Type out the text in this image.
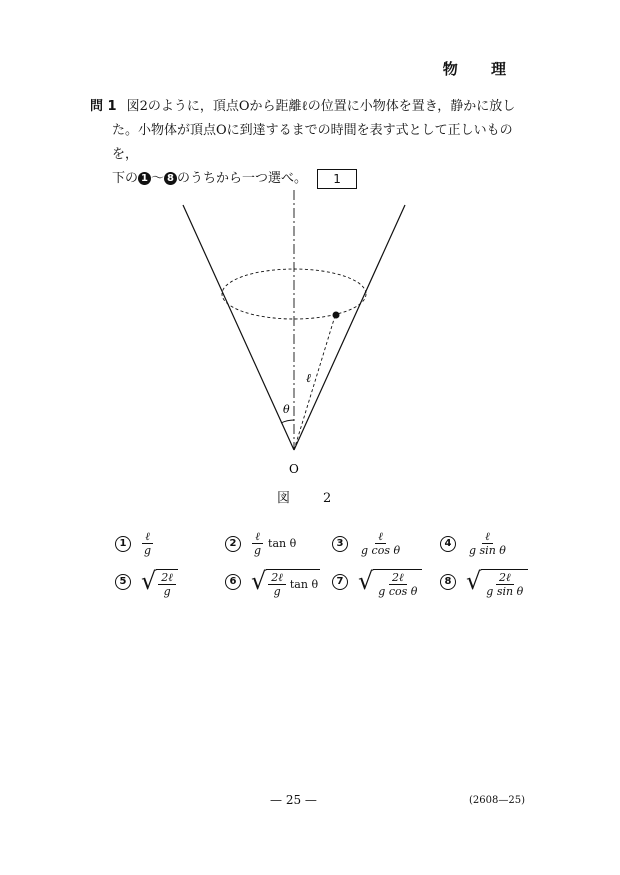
物 理
問 1 図2のように，頂点Oから距離ℓの位置に小物体を置き，静かに放し
た。小物体が頂点Oに到達するまでの時間を表す式として正しいものを，
下の 1 ～ 8 のうちから一つ選べ。 1
θ
ℓ
O
図　2
1	$\frac{\text{ℓ}}{g}$	2	$\frac{\text{ℓ}}{g}$ tan θ	3	$\frac{\text{ℓ}}{\text{g cos θ}}$	4	$\frac{\text{ℓ}}{\text{g sin θ}}$
5 √ $\frac{\text{2ℓ}}{g}$	6 √ $\frac{\text{2ℓ}}{g}$ tan θ	7 √ $\frac{\text{2ℓ}}{\text{g cos θ}}$	8 √ $\frac{\text{2ℓ}}{\text{g sin θ}}$
— 25 —	(2608—25)
